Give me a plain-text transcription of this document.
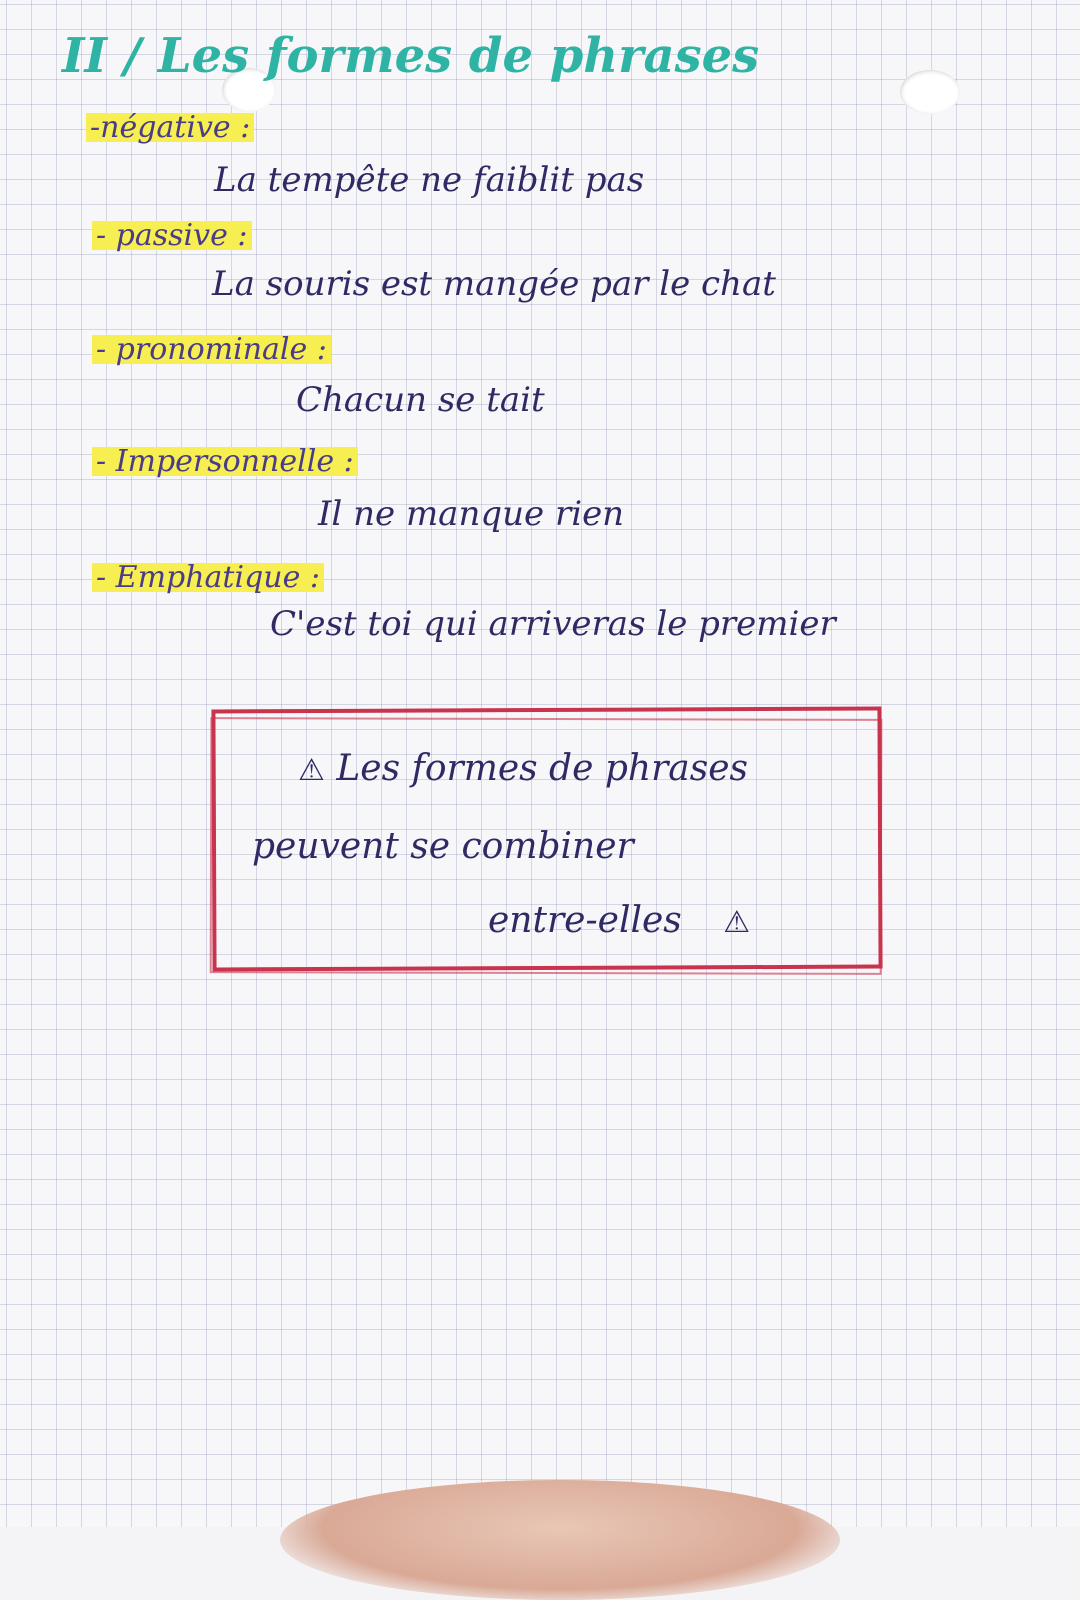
II / Les formes de phrases
-négative :
La tempête ne faiblit pas
- passive :
La souris est mangée par le chat
- pronominale :
Chacun se tait
- Impersonnelle :
Il ne manque rien
- Emphatique :
C'est toi qui arriveras le premier
⚠ Les formes de phrases
peuvent se combiner
entre-elles ⚠
